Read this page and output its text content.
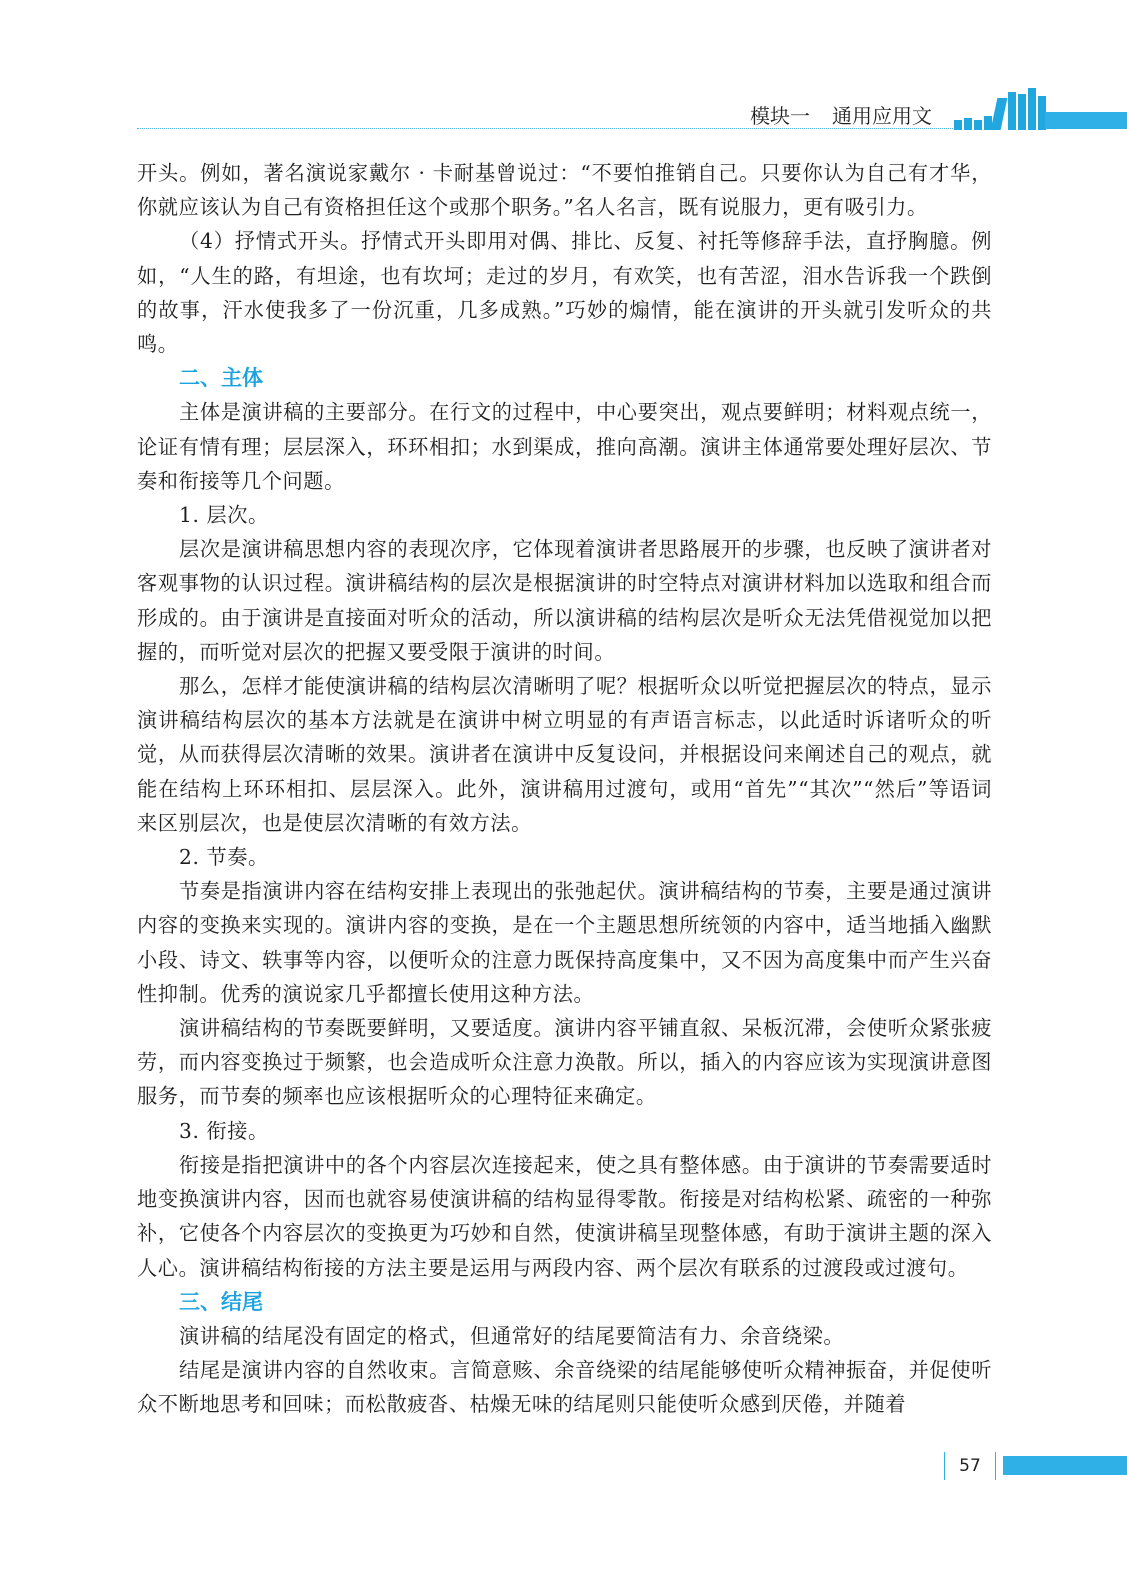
模块一 通用应用文

开头。例如，著名演说家戴尔 · 卡耐基曾说过：“不要怕推销自己。只要你认为自己有才华，你就应该认为自己有资格担任这个或那个职务。”名人名言，既有说服力，更有吸引力。

（4）抒情式开头。抒情式开头即用对偶、排比、反复、衬托等修辞手法，直抒胸臆。例如，“人生的路，有坦途，也有坎坷；走过的岁月，有欢笑，也有苦涩，泪水告诉我一个跌倒的故事，汗水使我多了一份沉重，几多成熟。”巧妙的煽情，能在演讲的开头就引发听众的共鸣。

二、主体

主体是演讲稿的主要部分。在行文的过程中，中心要突出，观点要鲜明；材料观点统一，论证有情有理；层层深入，环环相扣；水到渠成，推向高潮。演讲主体通常要处理好层次、节奏和衔接等几个问题。

1. 层次。

层次是演讲稿思想内容的表现次序，它体现着演讲者思路展开的步骤，也反映了演讲者对客观事物的认识过程。演讲稿结构的层次是根据演讲的时空特点对演讲材料加以选取和组合而形成的。由于演讲是直接面对听众的活动，所以演讲稿的结构层次是听众无法凭借视觉加以把握的，而听觉对层次的把握又要受限于演讲的时间。

那么，怎样才能使演讲稿的结构层次清晰明了呢？根据听众以听觉把握层次的特点，显示演讲稿结构层次的基本方法就是在演讲中树立明显的有声语言标志，以此适时诉诸听众的听觉，从而获得层次清晰的效果。演讲者在演讲中反复设问，并根据设问来阐述自己的观点，就能在结构上环环相扣、层层深入。此外，演讲稿用过渡句，或用“首先”“其次”“然后”等语词来区别层次，也是使层次清晰的有效方法。

2. 节奏。

节奏是指演讲内容在结构安排上表现出的张弛起伏。演讲稿结构的节奏，主要是通过演讲内容的变换来实现的。演讲内容的变换，是在一个主题思想所统领的内容中，适当地插入幽默小段、诗文、轶事等内容，以便听众的注意力既保持高度集中，又不因为高度集中而产生兴奋性抑制。优秀的演说家几乎都擅长使用这种方法。

演讲稿结构的节奏既要鲜明，又要适度。演讲内容平铺直叙、呆板沉滞，会使听众紧张疲劳，而内容变换过于频繁，也会造成听众注意力涣散。所以，插入的内容应该为实现演讲意图服务，而节奏的频率也应该根据听众的心理特征来确定。

3. 衔接。

衔接是指把演讲中的各个内容层次连接起来，使之具有整体感。由于演讲的节奏需要适时地变换演讲内容，因而也就容易使演讲稿的结构显得零散。衔接是对结构松紧、疏密的一种弥补，它使各个内容层次的变换更为巧妙和自然，使演讲稿呈现整体感，有助于演讲主题的深入人心。演讲稿结构衔接的方法主要是运用与两段内容、两个层次有联系的过渡段或过渡句。

三、结尾

演讲稿的结尾没有固定的格式，但通常好的结尾要简洁有力、余音绕梁。

结尾是演讲内容的自然收束。言简意赅、余音绕梁的结尾能够使听众精神振奋，并促使听众不断地思考和回味；而松散疲沓、枯燥无味的结尾则只能使听众感到厌倦，并随着

57
